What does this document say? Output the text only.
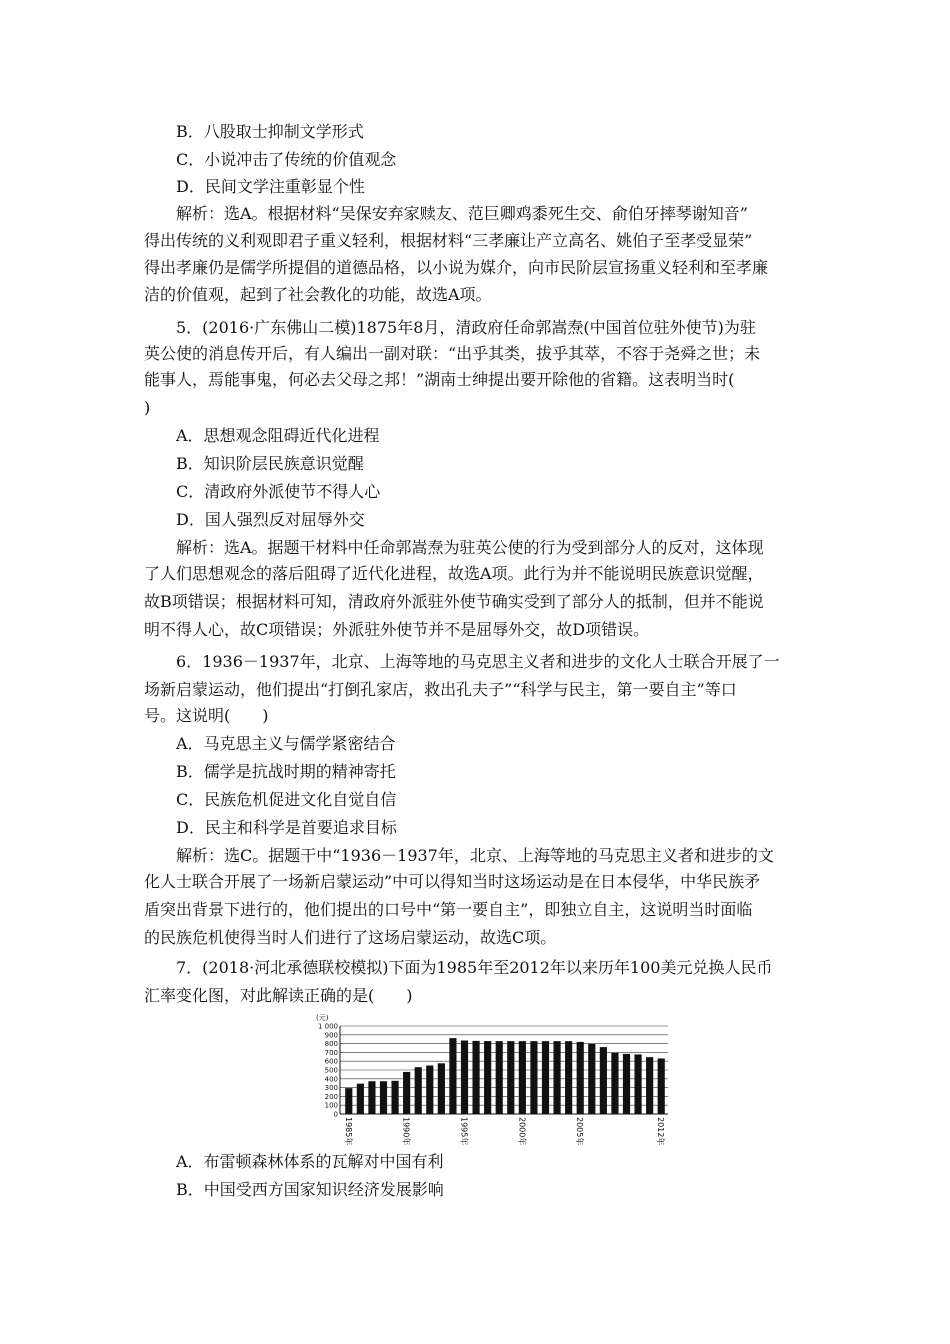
B．八股取士抑制文学形式
C．小说冲击了传统的价值观念
D．民间文学注重彰显个性
解析：选A。根据材料“吴保安弃家赎友、范巨卿鸡黍死生交、俞伯牙摔琴谢知音”
得出传统的义利观即君子重义轻利，根据材料“三孝廉让产立高名、姚伯子至孝受显荣”
得出孝廉仍是儒学所提倡的道德品格，以小说为媒介，向市民阶层宣扬重义轻利和至孝廉
洁的价值观，起到了社会教化的功能，故选A项。
5．(2016·广东佛山二模)1875年8月，清政府任命郭嵩焘(中国首位驻外使节)为驻
英公使的消息传开后，有人编出一副对联：“出乎其类，拔乎其萃，不容于尧舜之世；未
能事人，焉能事鬼，何必去父母之邦！”湖南士绅提出要开除他的省籍。这表明当时(
)
A．思想观念阻碍近代化进程
B．知识阶层民族意识觉醒
C．清政府外派使节不得人心
D．国人强烈反对屈辱外交
解析：选A。据题干材料中任命郭嵩焘为驻英公使的行为受到部分人的反对，这体现
了人们思想观念的落后阻碍了近代化进程，故选A项。此行为并不能说明民族意识觉醒，
故B项错误；根据材料可知，清政府外派驻外使节确实受到了部分人的抵制，但并不能说
明不得人心，故C项错误；外派驻外使节并不是屈辱外交，故D项错误。
6．1936－1937年，北京、上海等地的马克思主义者和进步的文化人士联合开展了一
场新启蒙运动，他们提出“打倒孔家店，救出孔夫子”“科学与民主，第一要自主”等口
号。这说明(　　)
A．马克思主义与儒学紧密结合
B．儒学是抗战时期的精神寄托
C．民族危机促进文化自觉自信
D．民主和科学是首要追求目标
解析：选C。据题干中“1936－1937年，北京、上海等地的马克思主义者和进步的文
化人士联合开展了一场新启蒙运动”中可以得知当时这场运动是在日本侵华，中华民族矛
盾突出背景下进行的，他们提出的口号中“第一要自主”，即独立自主，这说明当时面临
的民族危机使得当时人们进行了这场启蒙运动，故选C项。
7．(2018·河北承德联校模拟)下面为1985年至2012年以来历年100美元兑换人民币
汇率变化图，对此解读正确的是(　　)
(元)
1 000
900
800
700
600
500
400
300
200
100
0
1985年	1990年	1995年	2000年	2005年	2012年
A．布雷顿森林体系的瓦解对中国有利
B．中国受西方国家知识经济发展影响
